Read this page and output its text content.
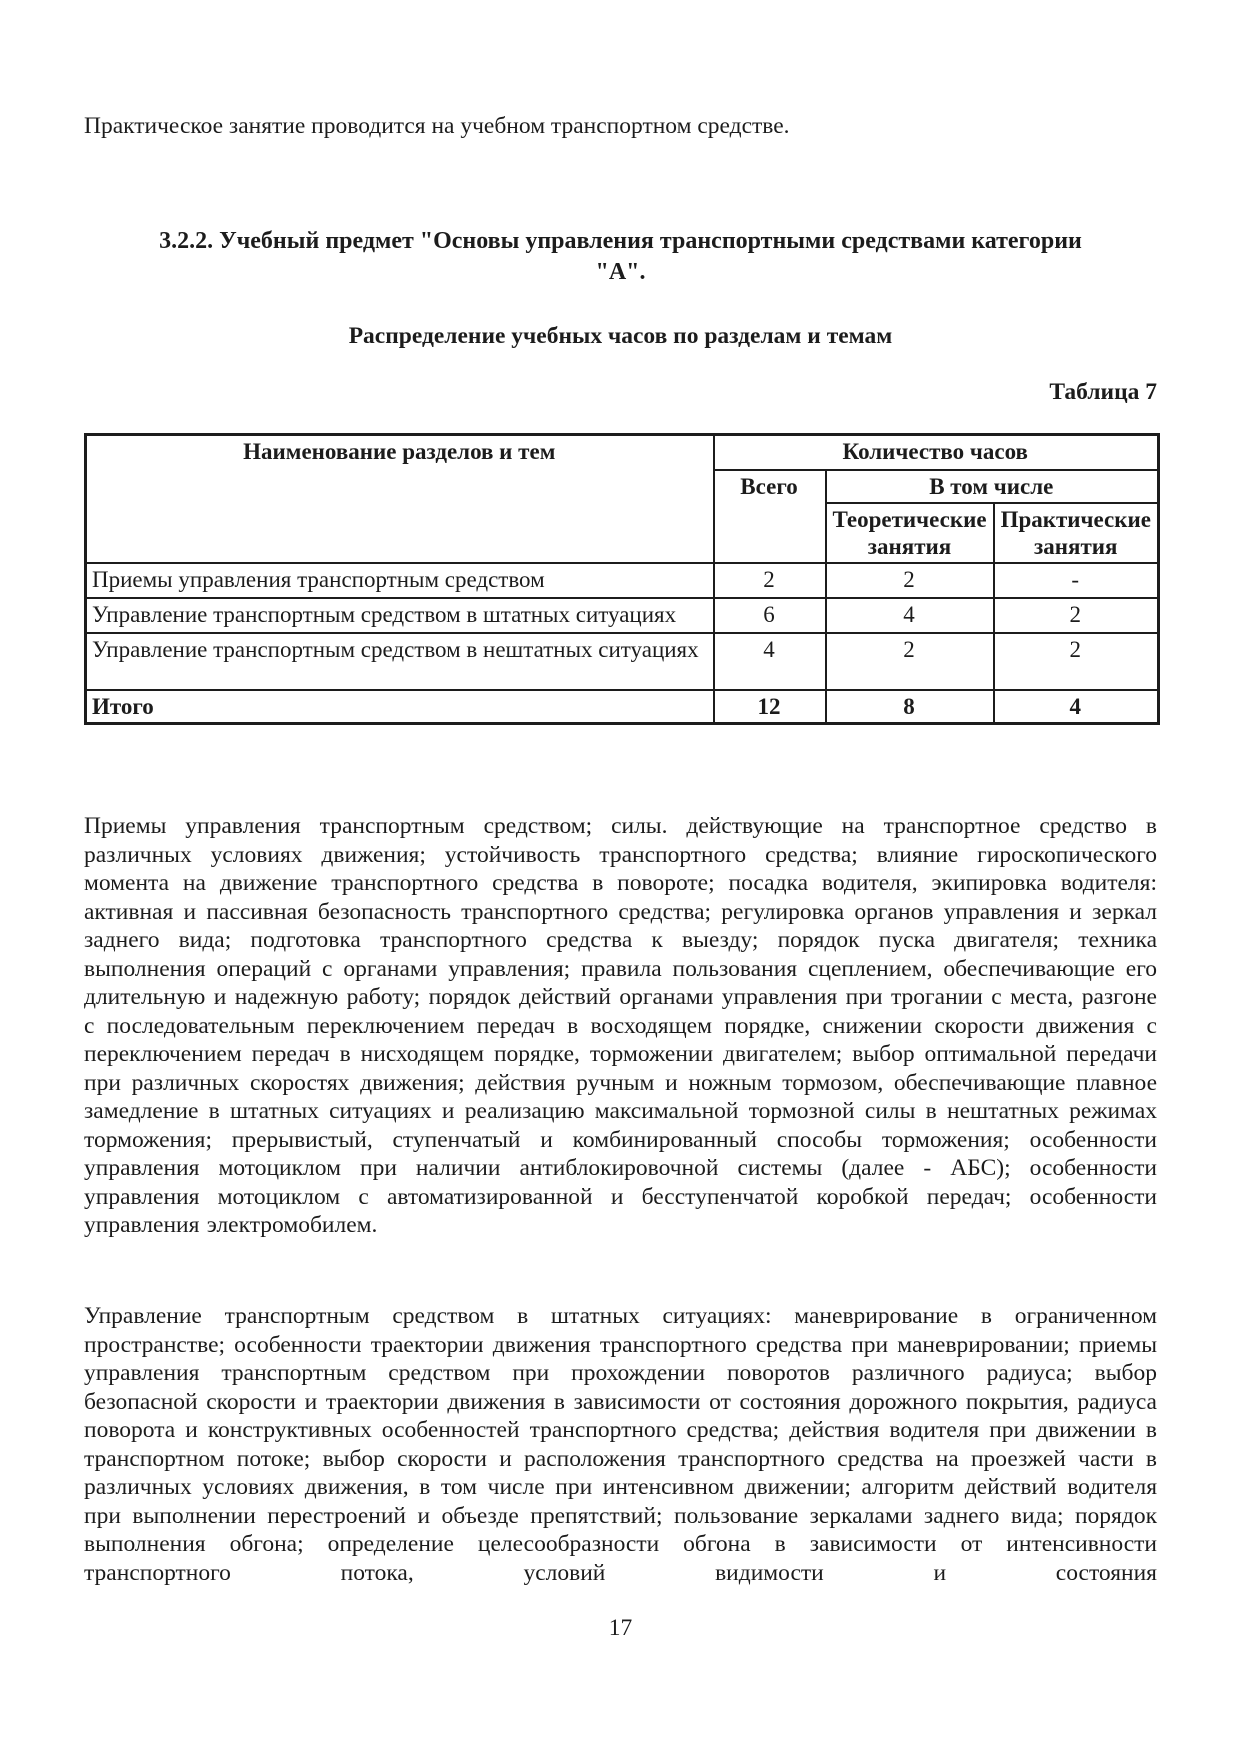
Практическое занятие проводится на учебном транспортном средстве.

3.2.2. Учебный предмет "Основы управления транспортными средствами категории
"А".
Распределение учебных часов по разделам и темам
Таблица 7
Наименование разделов и тем	Количество часов		
	Всего	В том числе	
		Теоретические занятия	Практические занятия
Приемы управления транспортным средством	2	2	-
Управление транспортным средством в штатных ситуациях	6	4	2
Управление транспортным средством в нештатных ситуациях	4	2	2
Итого	12	8	4

Приемы управления транспортным средством; силы. действующие на транспортное средство в различных условиях движения; устойчивость транспортного средства; влияние гироскопического момента на движение транспортного средства в повороте; посадка водителя, экипировка водителя: активная и пассивная безопасность транспортного средства; регулировка органов управления и зеркал заднего вида; подготовка транспортного средства к выезду; порядок пуска двигателя; техника выполнения операций с органами управления; правила пользования сцеплением, обеспечивающие его длительную и надежную работу; порядок действий органами управления при трогании с места, разгоне с последовательным переключением передач в восходящем порядке, снижении скорости движения с переключением передач в нисходящем порядке, торможении двигателем; выбор оптимальной передачи при различных скоростях движения; действия ручным и ножным тормозом, обеспечивающие плавное замедление в штатных ситуациях и реализацию максимальной тормозной силы в нештатных режимах торможения; прерывистый, ступенчатый и комбинированный способы торможения; особенности управления мотоциклом при наличии антиблокировочной системы (далее - АБС); особенности управления мотоциклом с автоматизированной и бесступенчатой коробкой передач; особенности управления электромобилем.

Управление транспортным средством в штатных ситуациях: маневрирование в ограниченном пространстве; особенности траектории движения транспортного средства при маневрировании; приемы управления транспортным средством при прохождении поворотов различного радиуса; выбор безопасной скорости и траектории движения в зависимости от состояния дорожного покрытия, радиуса поворота и конструктивных особенностей транспортного средства; действия водителя при движении в транспортном потоке; выбор скорости и расположения транспортного средства на проезжей части в различных условиях движения, в том числе при интенсивном движении; алгоритм действий водителя при выполнении перестроений и объезде препятствий; пользование зеркалами заднего вида; порядок выполнения обгона; определение целесообразности обгона в зависимости от интенсивности транспортного потока, условий видимости и состояния

17
